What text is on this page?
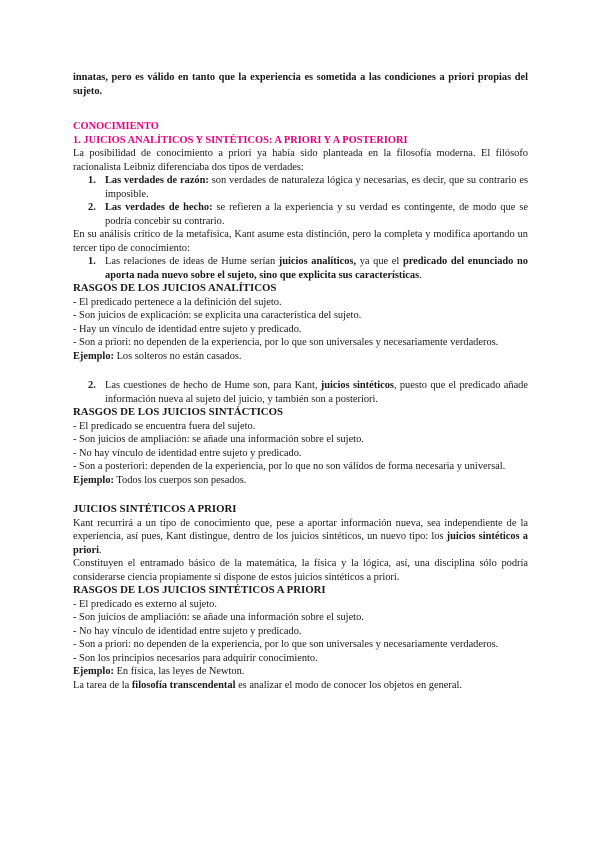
innatas, pero es válido en tanto que la experiencia es sometida a las condiciones a priori propias del sujeto.

CONOCIMIENTO

1. JUICIOS ANALÍTICOS Y SINTÉTICOS: A PRIORI Y A POSTERIORI

La posibilidad de conocimiento a priori ya había sido planteada en la filosofía moderna. El filósofo racionalista Leibniz diferenciaba dos tipos de verdades:

1. Las verdades de razón: son verdades de naturaleza lógica y necesarias, es decir, que su contrario es imposible.
2. Las verdades de hecho: se refieren a la experiencia y su verdad es contingente, de modo que se podría concebir su contrario.

En su análisis crítico de la metafísica, Kant asume esta distinción, pero la completa y modifica aportando un tercer tipo de conocimiento:

1. Las relaciones de ideas de Hume serían juicios analíticos, ya que el predicado del enunciado no aporta nada nuevo sobre el sujeto, sino que explicita sus características.

RASGOS DE LOS JUICIOS ANALÍTICOS

- El predicado pertenece a la definición del sujeto.

- Son juicios de explicación: se explicita una característica del sujeto.

- Hay un vínculo de identidad entre sujeto y predicado.

- Son a priori: no dependen de la experiencia, por lo que son universales y necesariamente verdaderos.

Ejemplo: Los solteros no están casados.

2. Las cuestiones de hecho de Hume son, para Kant, juicios sintéticos, puesto que el predicado añade información nueva al sujeto del juicio, y también son a posteriori.

RASGOS DE LOS JUICIOS SINTÁCTICOS

- El predicado se encuentra fuera del sujeto.

- Son juicios de ampliación: se añade una información sobre el sujeto.

- No hay vínculo de identidad entre sujeto y predicado.

- Son a posteriori: dependen de la experiencia, por lo que no son válidos de forma necesaria y universal.

Ejemplo: Todos los cuerpos son pesados.

JUICIOS SINTÉTICOS A PRIORI

Kant recurrirá a un tipo de conocimiento que, pese a aportar información nueva, sea independiente de la experiencia, así pues, Kant distingue, dentro de los juicios sintéticos, un nuevo tipo: los juicios sintéticos a priori.

Constituyen el entramado básico de la matemática, la física y la lógica, así, una disciplina sólo podría considerarse ciencia propiamente si dispone de estos juicios sintéticos a priori.

RASGOS DE LOS JUICIOS SINTÉTICOS A PRIORI

- El predicado es externo al sujeto.

- Son juicios de ampliación: se añade una información sobre el sujeto.

- No hay vínculo de identidad entre sujeto y predicado.

- Son a priori: no dependen de la experiencia, por lo que son universales y necesariamente verdaderos.

- Son los principios necesarios para adquirir conocimiento.

Ejemplo: En física, las leyes de Newton.

La tarea de la filosofía transcendental es analizar el modo de conocer los objetos en general.
